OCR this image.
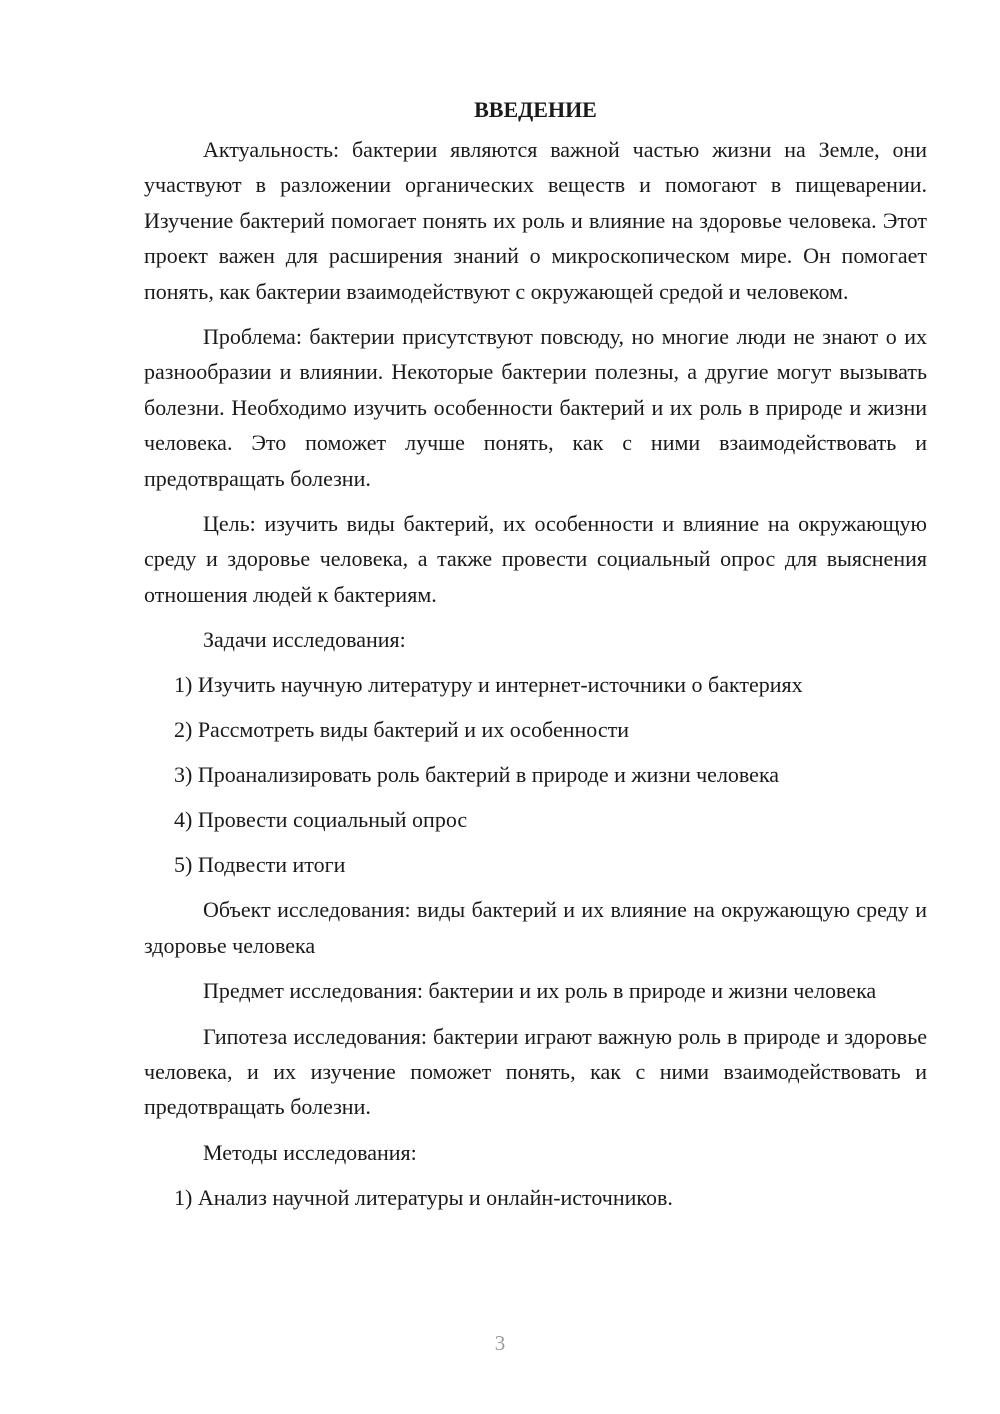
ВВЕДЕНИЕ

Актуальность: бактерии являются важной частью жизни на Земле, они участвуют в разложении органических веществ и помогают в пищеварении. Изучение бактерий помогает понять их роль и влияние на здоровье человека. Этот проект важен для расширения знаний о микроскопическом мире. Он помогает понять, как бактерии взаимодействуют с окружающей средой и человеком.

Проблема: бактерии присутствуют повсюду, но многие люди не знают о их разнообразии и влиянии. Некоторые бактерии полезны, а другие могут вызывать болезни. Необходимо изучить особенности бактерий и их роль в природе и жизни человека. Это поможет лучше понять, как с ними взаимодействовать и предотвращать болезни.

Цель: изучить виды бактерий, их особенности и влияние на окружающую среду и здоровье человека, а также провести социальный опрос для выяснения отношения людей к бактериям.

Задачи исследования:

1) Изучить научную литературу и интернет-источники о бактериях
2) Рассмотреть виды бактерий и их особенности
3) Проанализировать роль бактерий в природе и жизни человека
4) Провести социальный опрос
5) Подвести итоги

Объект исследования: виды бактерий и их влияние на окружающую среду и здоровье человека

Предмет исследования: бактерии и их роль в природе и жизни человека

Гипотеза исследования: бактерии играют важную роль в природе и здоровье человека, и их изучение поможет понять, как с ними взаимодействовать и предотвращать болезни.

Методы исследования:

1) Анализ научной литературы и онлайн-источников.
3
